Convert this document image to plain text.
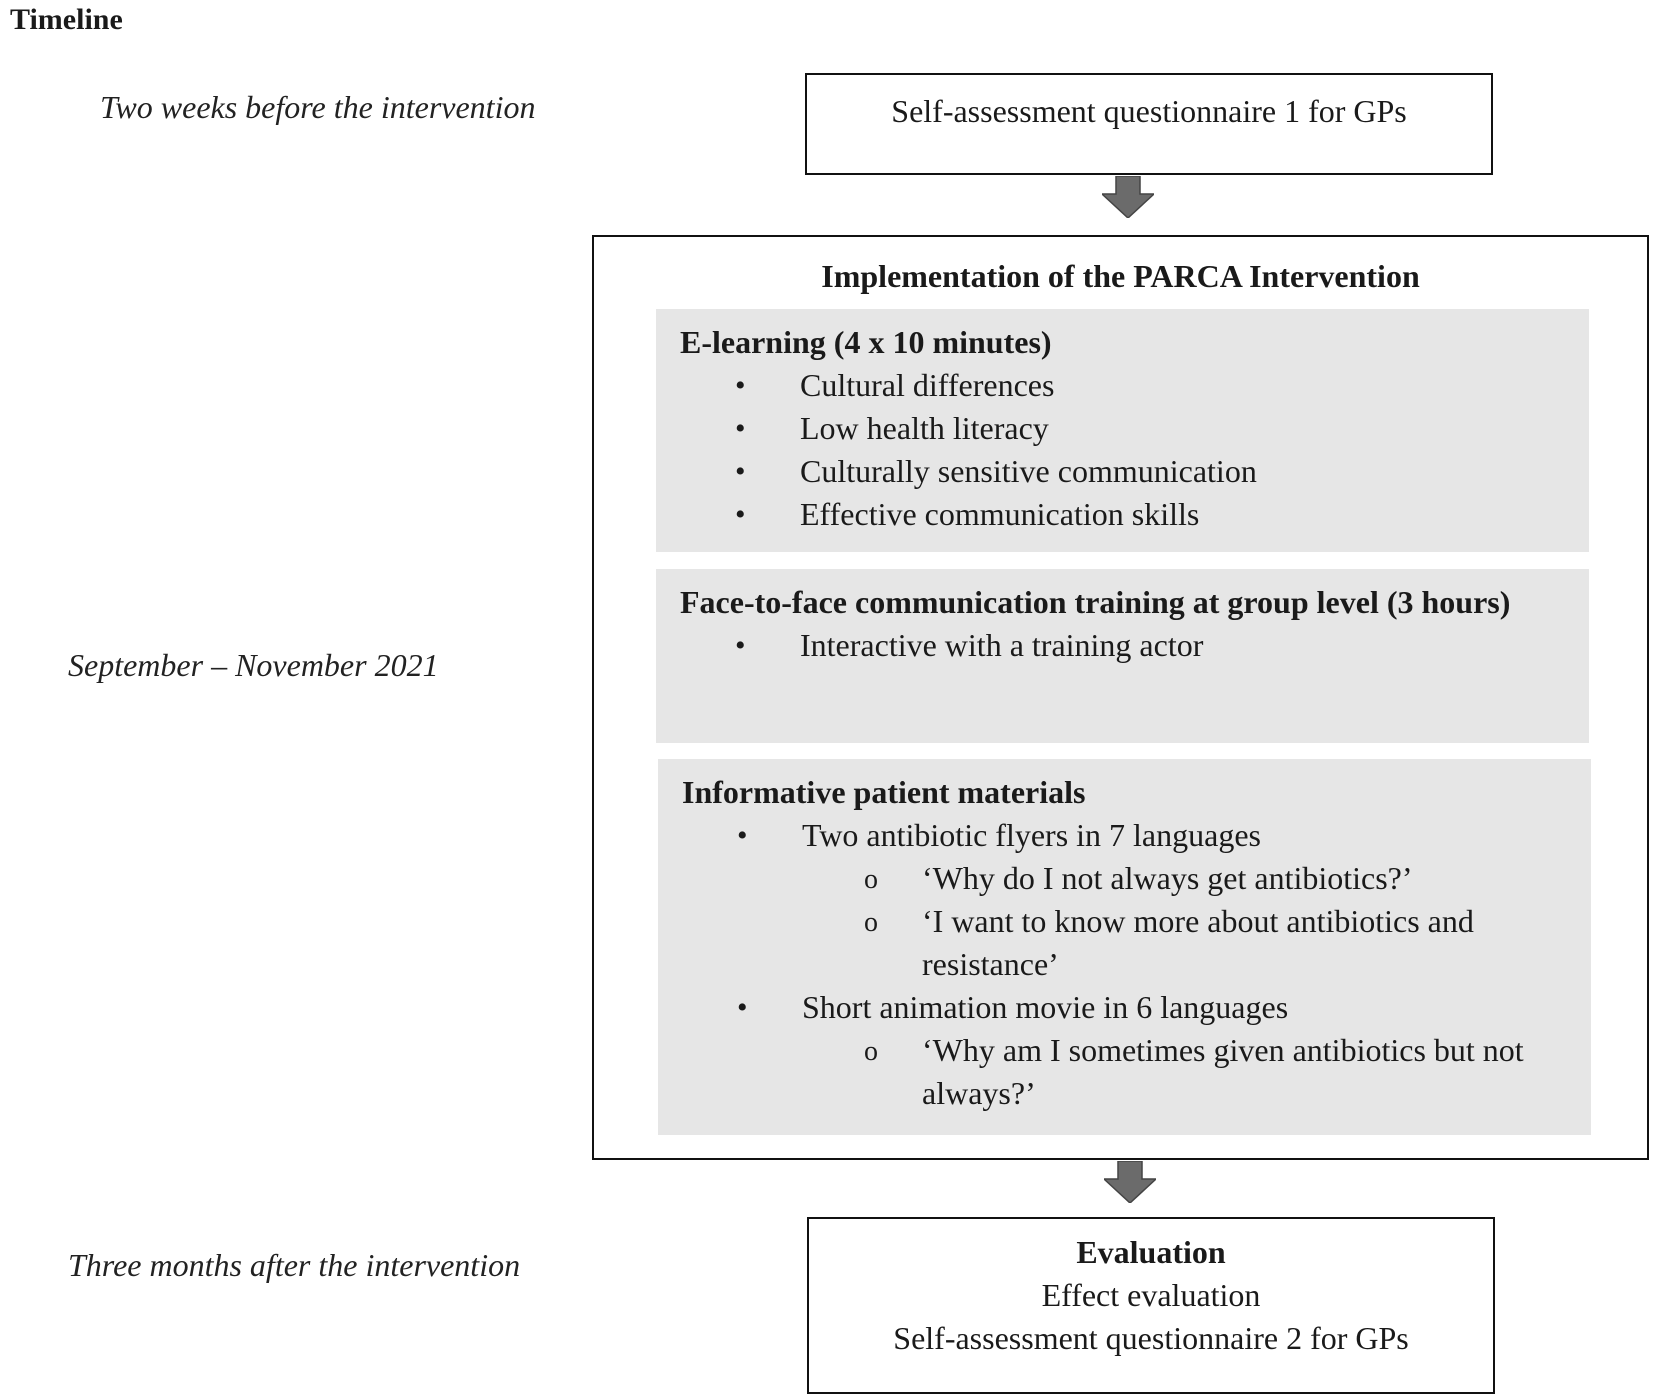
Timeline
Two weeks before the intervention
September – November 2021
Three months after the intervention
Self-assessment questionnaire 1 for GPs
Implementation of the PARCA Intervention
E-learning (4 x 10 minutes)
• Cultural differences
• Low health literacy
• Culturally sensitive communication
• Effective communication skills
Face-to-face communication training at group level (3 hours)
• Interactive with a training actor
Informative patient materials
• Two antibiotic flyers in 7 languages
o ‘Why do I not always get antibiotics?’
o ‘I want to know more about antibiotics and resistance’
• Short animation movie in 6 languages
o ‘Why am I sometimes given antibiotics but not always?’
Evaluation
Effect evaluation
Self-assessment questionnaire 2 for GPs
